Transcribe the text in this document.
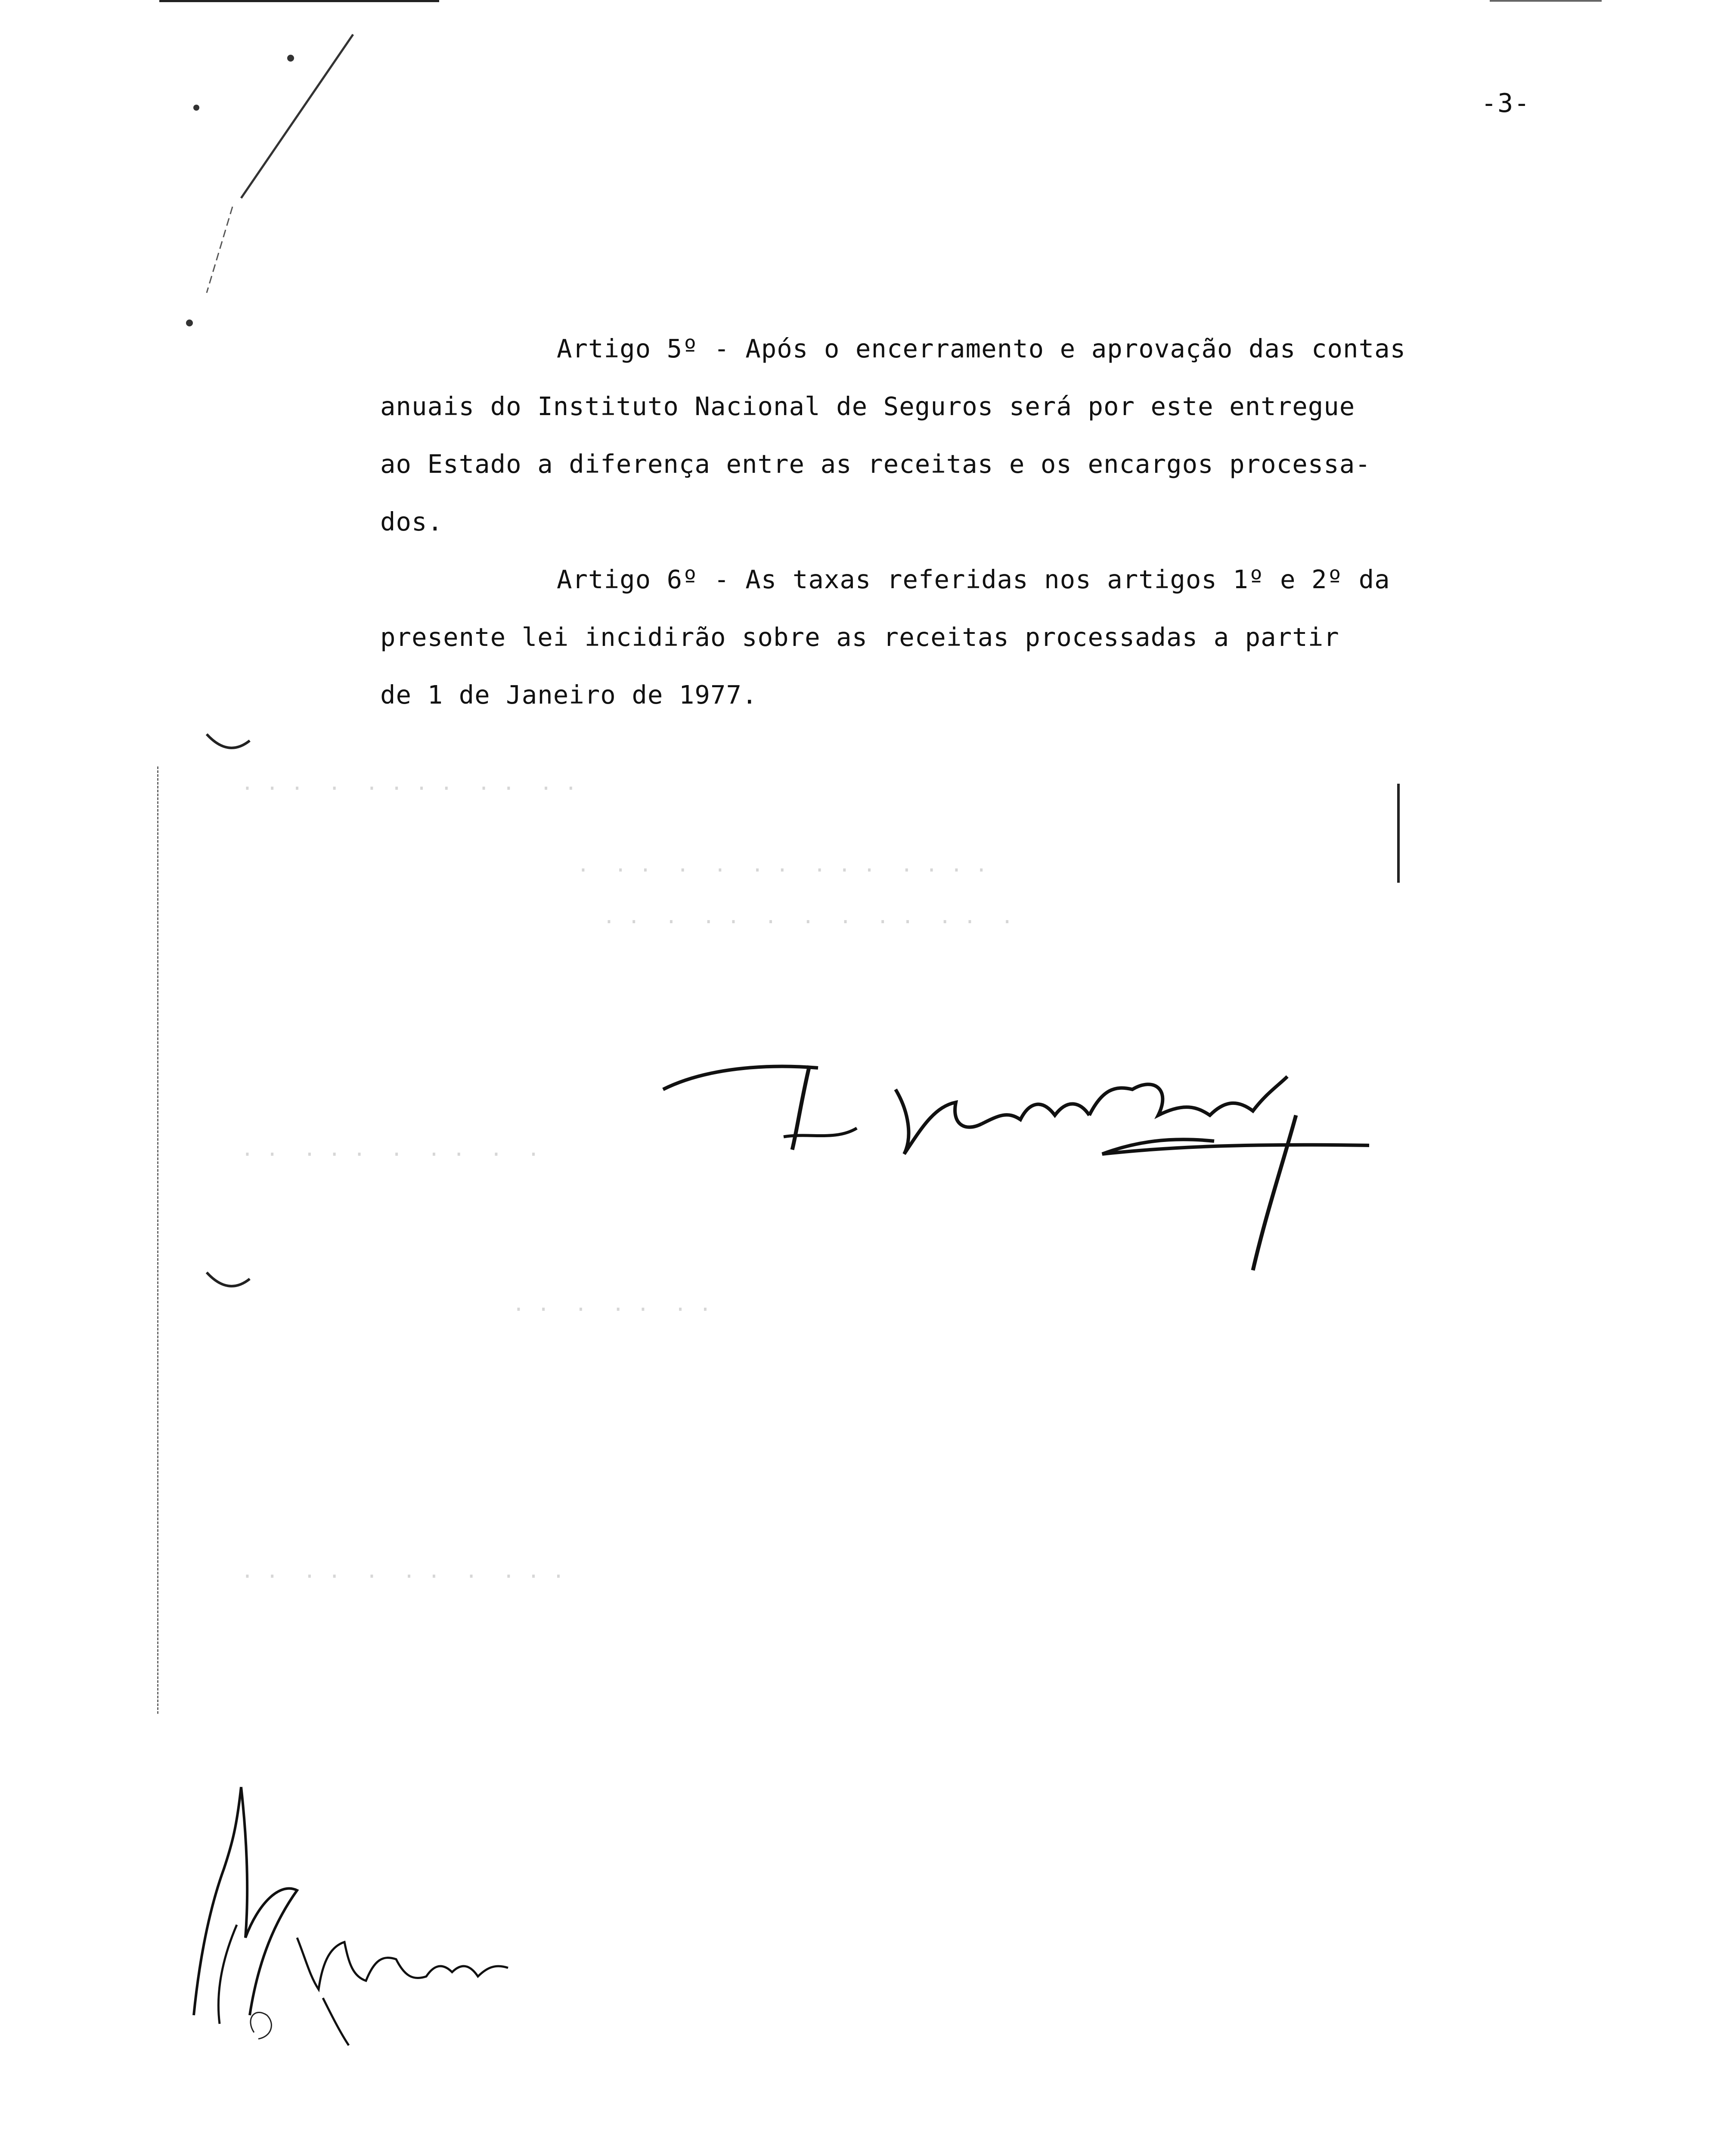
-3-
Artigo 5º - Após o encerramento e aprovação das contas
anuais do Instituto Nacional de Seguros será por este entregue
ao Estado a diferença entre as receitas e os encargos processa-
dos.
Artigo 6º - As taxas referidas nos artigos 1º e 2º da
presente lei incidirão sobre as receitas processadas a partir
de 1 de Janeiro de 1977.
. . .  .  . . . .  . .  . .
.  . .  .  .  . .  . . .  . . . .
. .  .  . .  .  .  .  . .  . .  .
. .  . . .  .  . .  .  .
. .  .  . .  . .
. .  . .  .  . .  .  . . .
